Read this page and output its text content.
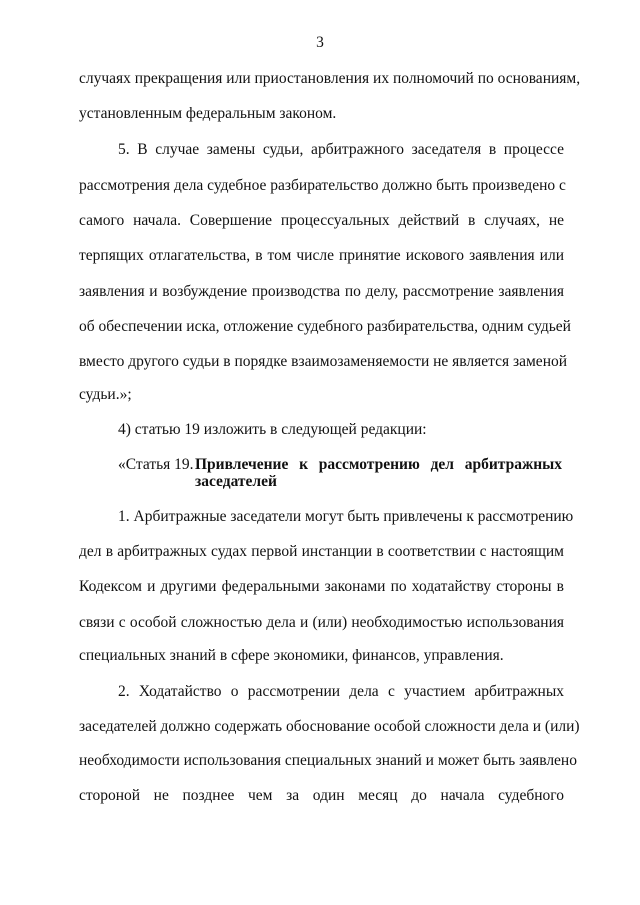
3
случаях прекращения или приостановления их полномочий по основаниям,
установленным федеральным законом.
5. В случае замены судьи, арбитражного заседателя в процессе
рассмотрения дела судебное разбирательство должно быть произведено с
самого начала. Совершение процессуальных действий в случаях, не
терпящих отлагательства, в том числе принятие искового заявления или
заявления и возбуждение производства по делу, рассмотрение заявления
об обеспечении иска, отложение судебного разбирательства, одним судьей
вместо другого судьи в порядке взаимозаменяемости не является заменой
судьи.»;
4) статью 19 изложить в следующей редакции:
«Статья 19. Привлечение к рассмотрению дел арбитражных
заседателей
1. Арбитражные заседатели могут быть привлечены к рассмотрению
дел в арбитражных судах первой инстанции в соответствии с настоящим
Кодексом и другими федеральными законами по ходатайству стороны в
связи с особой сложностью дела и (или) необходимостью использования
специальных знаний в сфере экономики, финансов, управления.
2. Ходатайство о рассмотрении дела с участием арбитражных
заседателей должно содержать обоснование особой сложности дела и (или)
необходимости использования специальных знаний и может быть заявлено
стороной не позднее чем за один месяц до начала судебного
